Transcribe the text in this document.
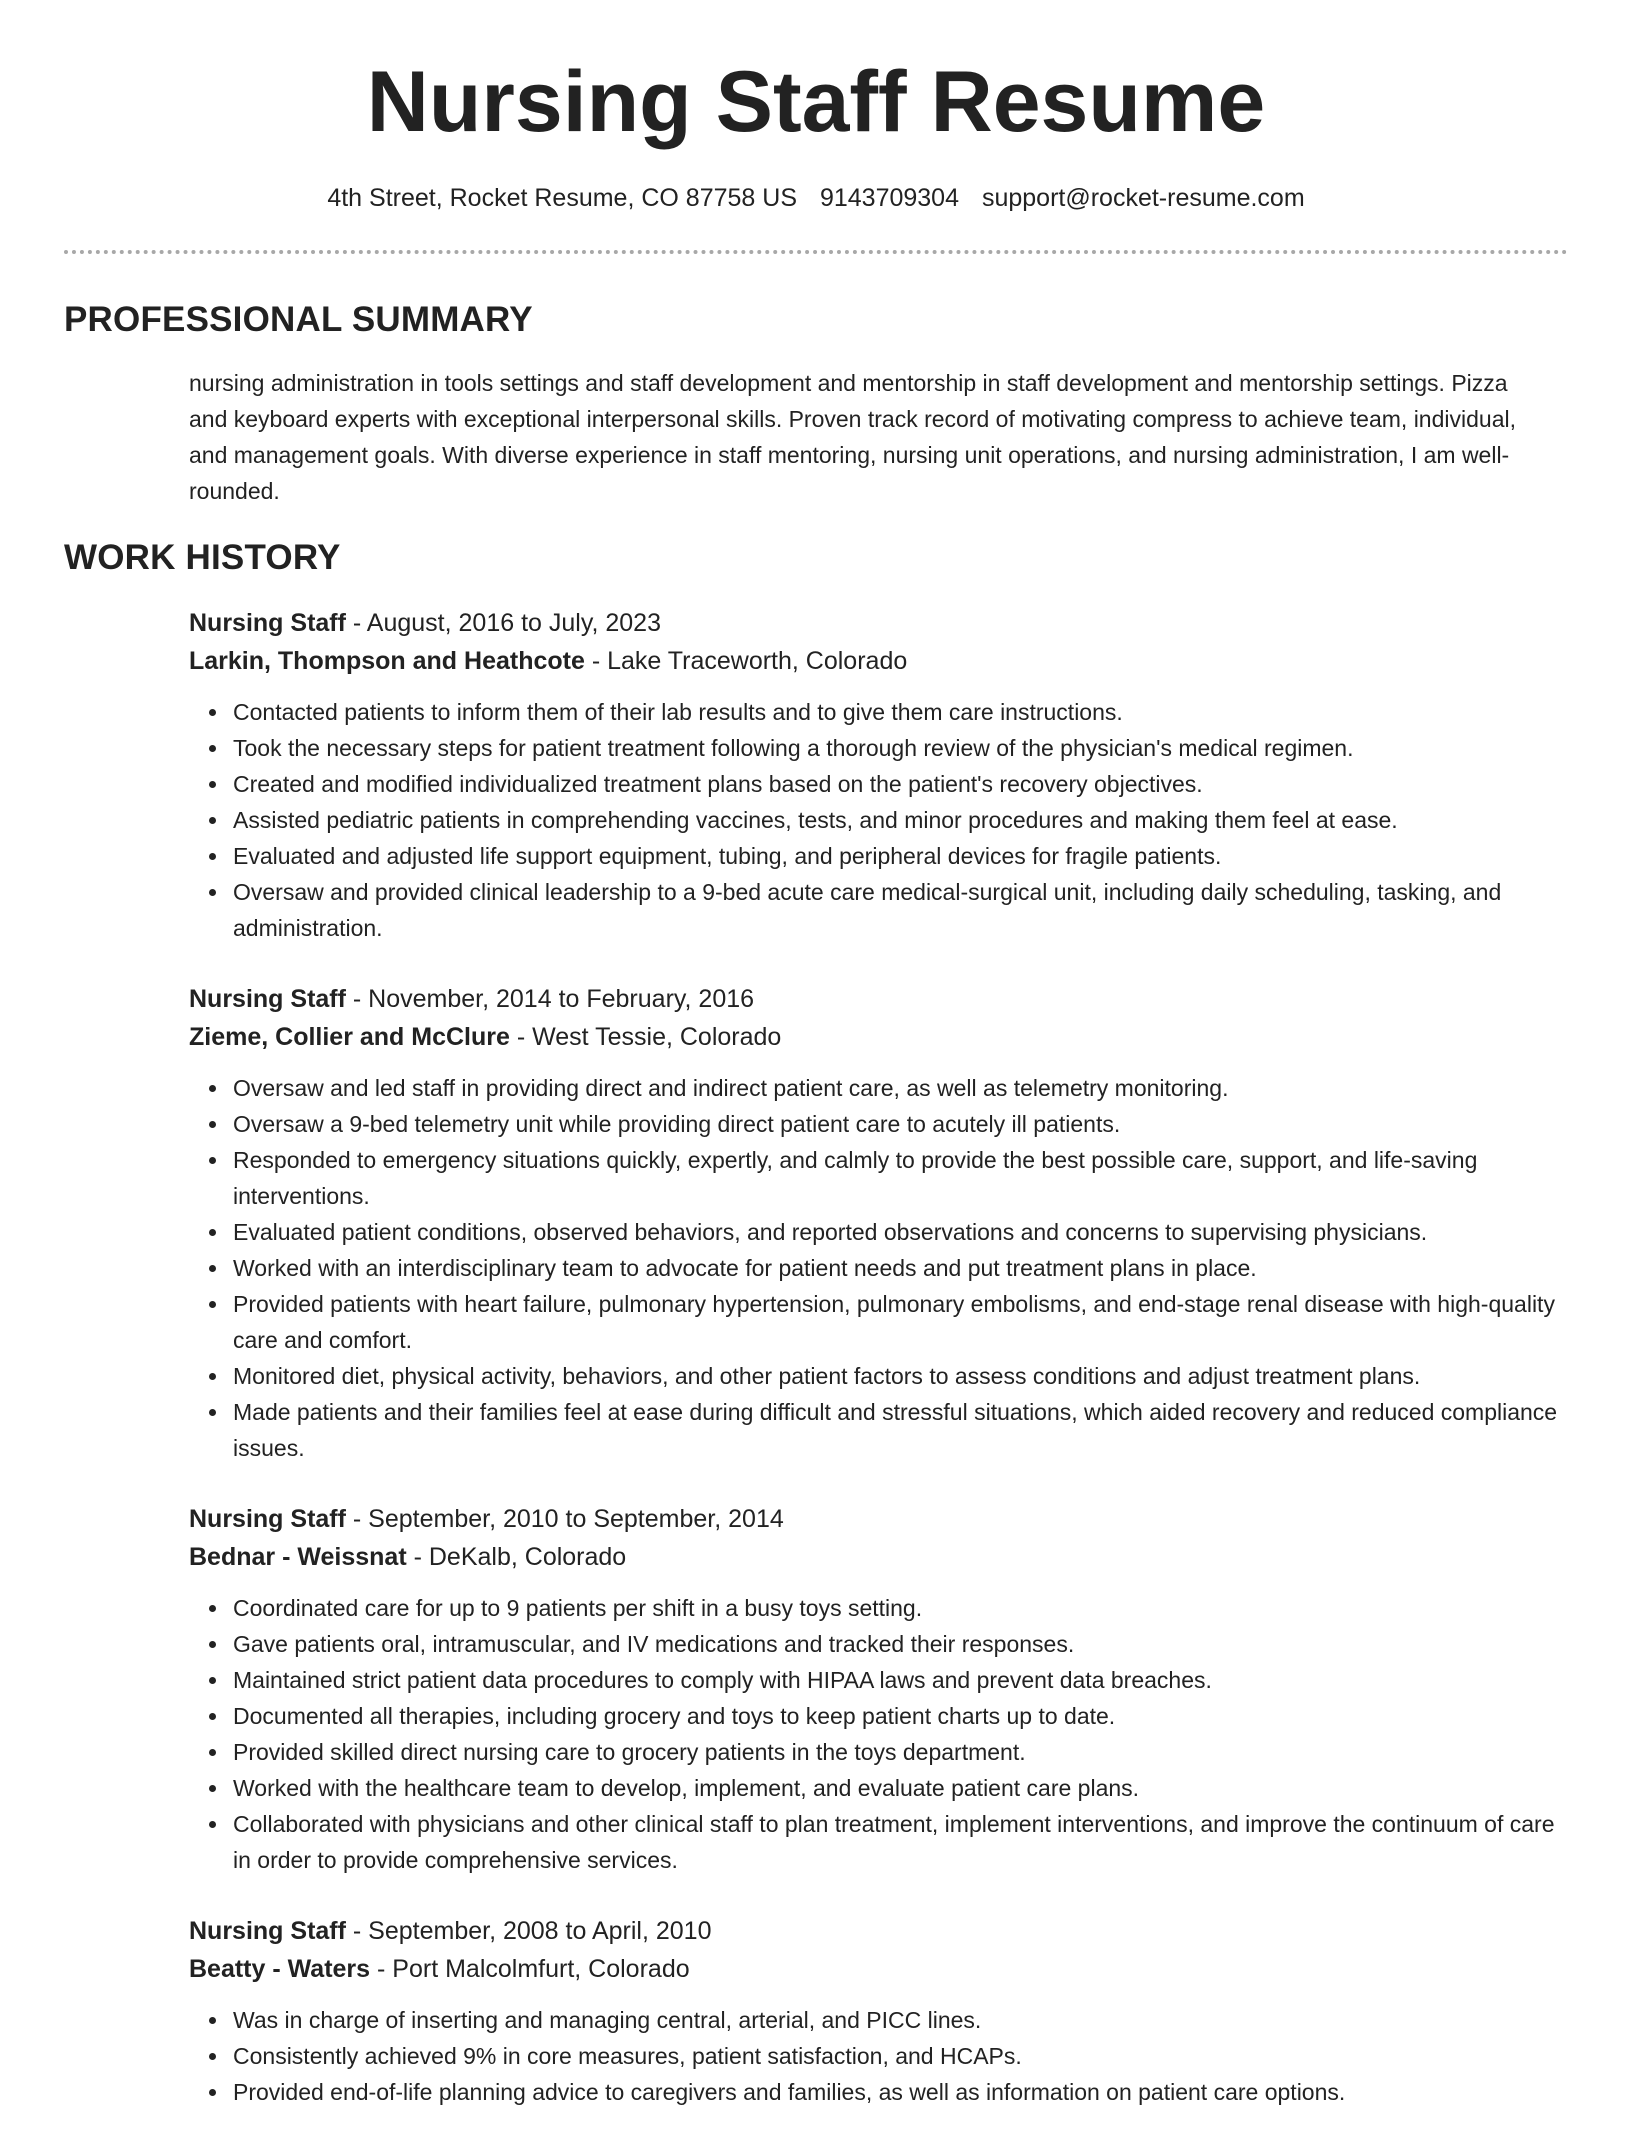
Nursing Staff Resume
4th Street, Rocket Resume, CO 87758 US 9143709304 support@rocket-resume.com
PROFESSIONAL SUMMARY

nursing administration in tools settings and staff development and mentorship in staff development and mentorship settings. Pizza and keyboard experts with exceptional interpersonal skills. Proven track record of motivating compress to achieve team, individual, and management goals. With diverse experience in staff mentoring, nursing unit operations, and nursing administration, I am well-rounded.

WORK HISTORY
Nursing Staff - August, 2016 to July, 2023
Larkin, Thompson and Heathcote - Lake Traceworth, Colorado
Contacted patients to inform them of their lab results and to give them care instructions.
Took the necessary steps for patient treatment following a thorough review of the physician's medical regimen.
Created and modified individualized treatment plans based on the patient's recovery objectives.
Assisted pediatric patients in comprehending vaccines, tests, and minor procedures and making them feel at ease.
Evaluated and adjusted life support equipment, tubing, and peripheral devices for fragile patients.
Oversaw and provided clinical leadership to a 9-bed acute care medical-surgical unit, including daily scheduling, tasking, and administration.
Nursing Staff - November, 2014 to February, 2016
Zieme, Collier and McClure - West Tessie, Colorado
Oversaw and led staff in providing direct and indirect patient care, as well as telemetry monitoring.
Oversaw a 9-bed telemetry unit while providing direct patient care to acutely ill patients.
Responded to emergency situations quickly, expertly, and calmly to provide the best possible care, support, and life-saving interventions.
Evaluated patient conditions, observed behaviors, and reported observations and concerns to supervising physicians.
Worked with an interdisciplinary team to advocate for patient needs and put treatment plans in place.
Provided patients with heart failure, pulmonary hypertension, pulmonary embolisms, and end-stage renal disease with high-quality care and comfort.
Monitored diet, physical activity, behaviors, and other patient factors to assess conditions and adjust treatment plans.
Made patients and their families feel at ease during difficult and stressful situations, which aided recovery and reduced compliance issues.
Nursing Staff - September, 2010 to September, 2014
Bednar - Weissnat - DeKalb, Colorado
Coordinated care for up to 9 patients per shift in a busy toys setting.
Gave patients oral, intramuscular, and IV medications and tracked their responses.
Maintained strict patient data procedures to comply with HIPAA laws and prevent data breaches.
Documented all therapies, including grocery and toys to keep patient charts up to date.
Provided skilled direct nursing care to grocery patients in the toys department.
Worked with the healthcare team to develop, implement, and evaluate patient care plans.
Collaborated with physicians and other clinical staff to plan treatment, implement interventions, and improve the continuum of care in order to provide comprehensive services.
Nursing Staff - September, 2008 to April, 2010
Beatty - Waters - Port Malcolmfurt, Colorado
Was in charge of inserting and managing central, arterial, and PICC lines.
Consistently achieved 9% in core measures, patient satisfaction, and HCAPs.
Provided end-of-life planning advice to caregivers and families, as well as information on patient care options.
